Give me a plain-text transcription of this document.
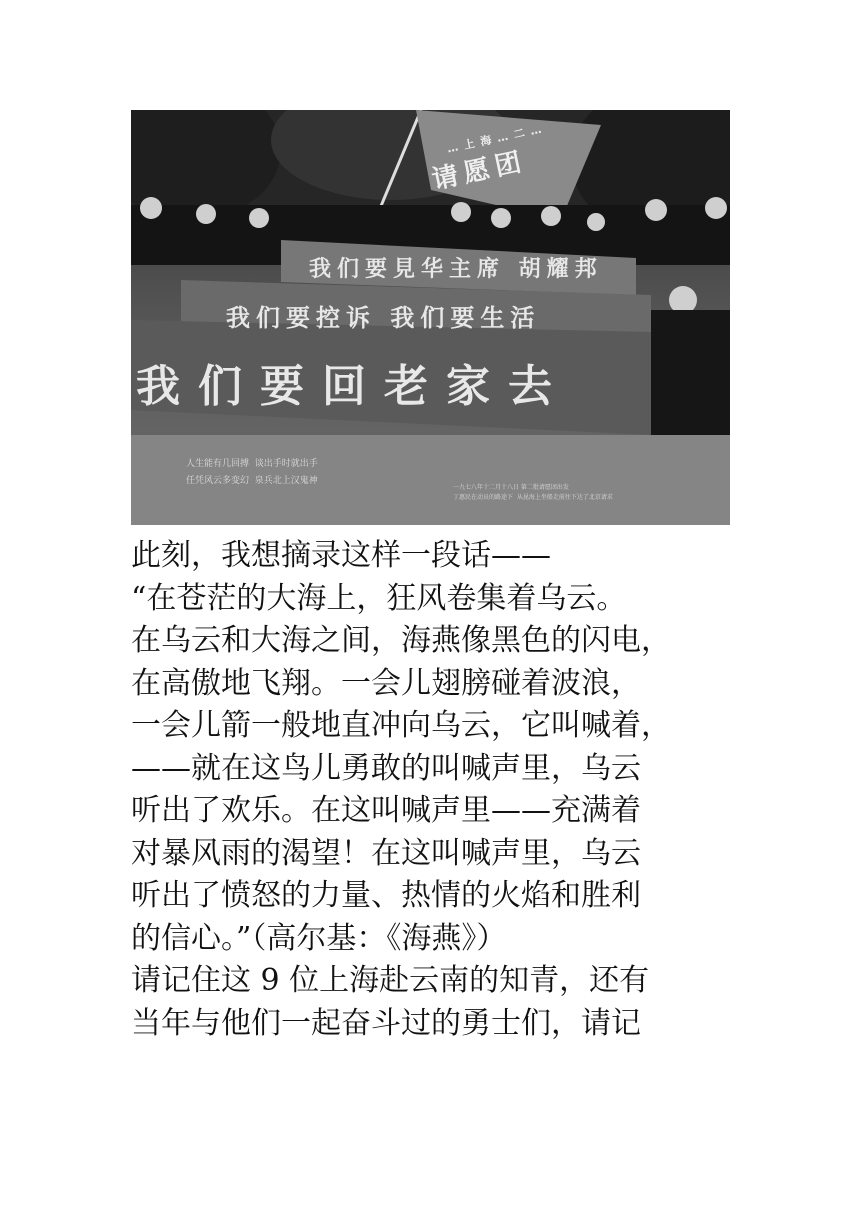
…上海…二…
请愿团
我们要見华主席 胡耀邦
我们要控诉 我们要生活
我们要回老家去
人生能有几回搏  谈出手时就出手
任凭风云多变幻  泉兵北上汉鬼神
一九七八年十二月十八日 第二批请愿团出发
丁惠民在动员的路途下  从昆海上坐船走前往下达了北京请求
此刻，我想摘录这样一段话——
“在苍茫的大海上，狂风卷集着乌云。
在乌云和大海之间，海燕像黑色的闪电，
在高傲地飞翔。一会儿翅膀碰着波浪，
一会儿箭一般地直冲向乌云，它叫喊着，
——就在这鸟儿勇敢的叫喊声里，乌云
听出了欢乐。在这叫喊声里——充满着
对暴风雨的渴望！在这叫喊声里，乌云
听出了愤怒的力量、热情的火焰和胜利
的信心。”（高尔基：《海燕》）
请记住这 9 位上海赴云南的知青，还有
当年与他们一起奋斗过的勇士们，请记
